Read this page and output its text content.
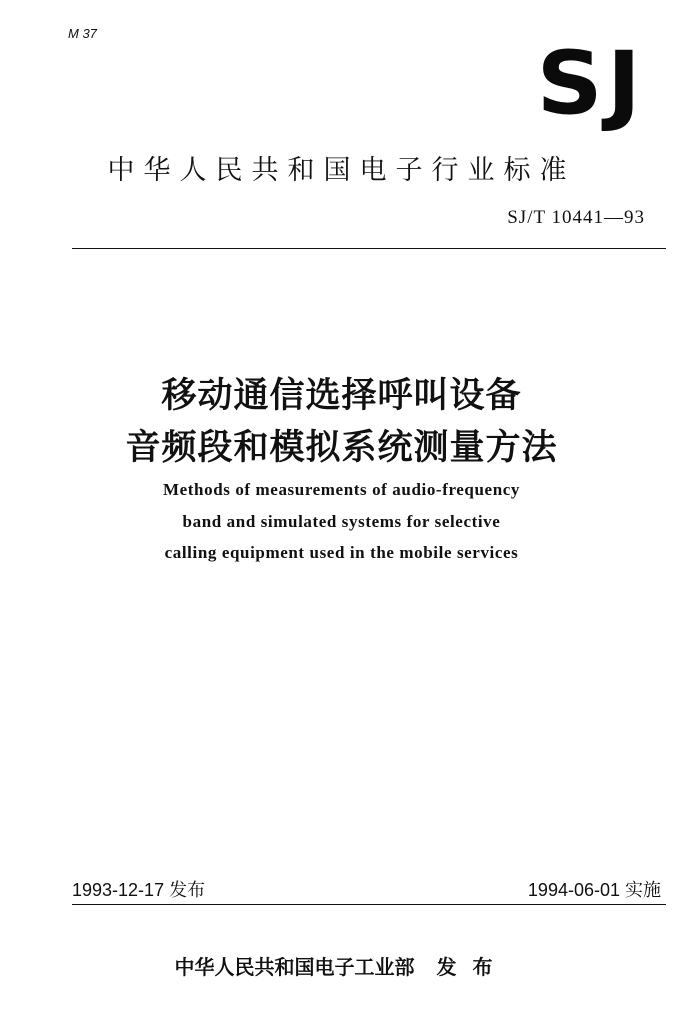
M 37	SJ
中华人民共和国电子行业标准
SJ/T 10441—93
移动通信选择呼叫设备
音频段和模拟系统测量方法
Methods of measurements of audio-frequency
band and simulated systems for selective
calling equipment used in the mobile services
1993-12-17 发布	1994-06-01 实施
中华人民共和国电子工业部 发布
